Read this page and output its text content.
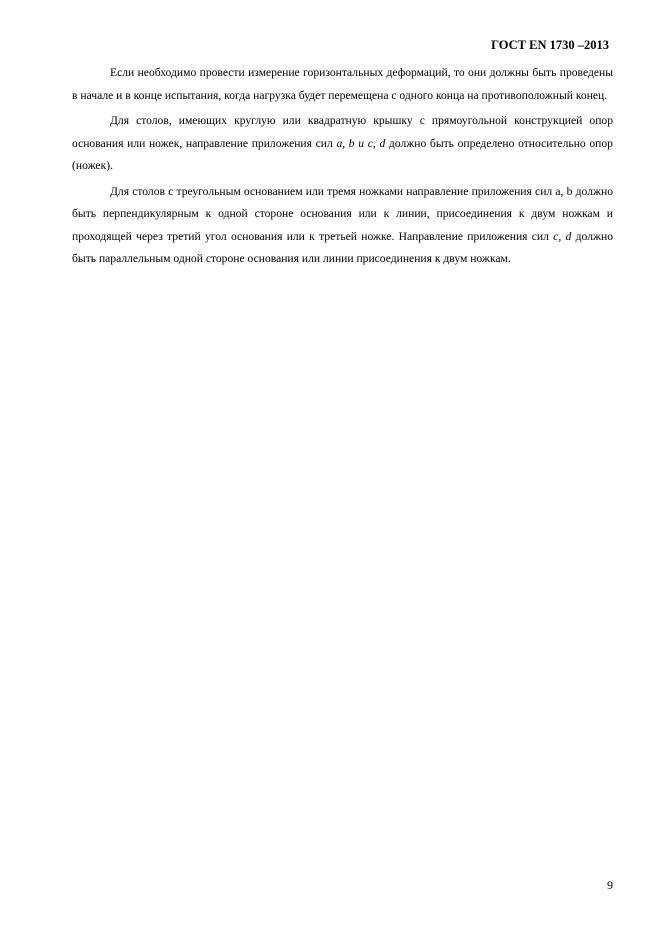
ГОСТ EN 1730 –2013

Если необходимо провести измерение горизонтальных деформаций, то они должны быть проведены в начале и в конце испытания, когда нагрузка будет перемещена с одного конца на противоположный конец.

Для столов, имеющих круглую или квадратную крышку с прямоугольной конструкцией опор основания или ножек, направление приложения сил a, b и c, d должно быть определено относительно опор (ножек).

Для столов с треугольным основанием или тремя ножками направление приложения сил a, b должно быть перпендикулярным к одной стороне основания или к линии, присоединения к двум ножкам и проходящей через третий угол основания или к третьей ножке. Направление приложения сил c, d должно быть параллельным одной стороне основания или линии присоединения к двум ножкам.

9
